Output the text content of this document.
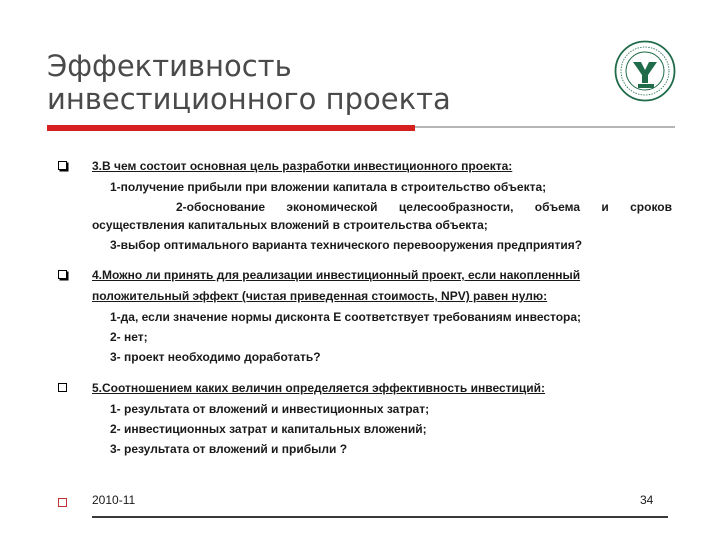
Эффективность
инвестиционного проекта
3.В чем состоит основная цель разработки инвестиционного проекта:
1-получение прибыли при вложении капитала в строительство объекта;
2-обоснование экономической целесообразности, объема и сроков
осуществления капитальных вложений в строительства объекта;
3-выбор оптимального варианта технического перевооружения предприятия?
4.Можно ли принять для реализации инвестиционный проект, если накопленный
положительный эффект (чистая приведенная стоимость, NPV) равен нулю:
1-да, если значение нормы дисконта Е соответствует требованиям инвестора;
2- нет;
3- проект необходимо доработать?
5.Соотношением каких величин определяется эффективность инвестиций:
1- результата от вложений и инвестиционных затрат;
2- инвестиционных затрат и капитальных вложений;
3- результата от вложений и прибыли ?
2010-11	34
